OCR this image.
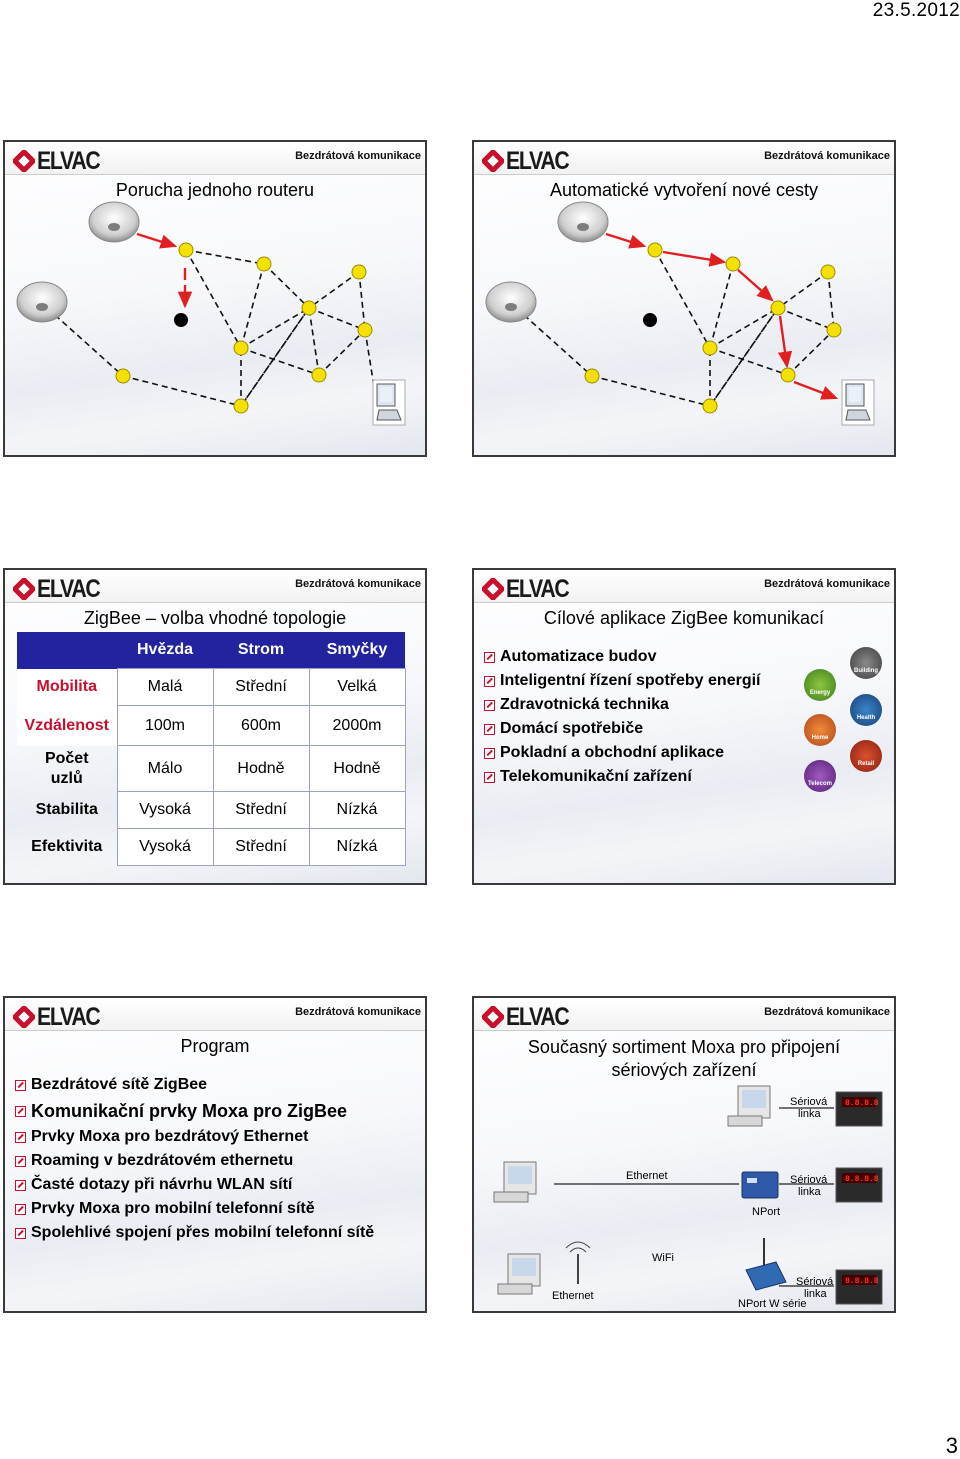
23.5.2012
ELVAC	Bezdrátová komunikace
Porucha jednoho routeru
ELVAC	Bezdrátová komunikace
Automatické vytvoření nové cesty
ELVAC	Bezdrátová komunikace
ZigBee – volba vhodné topologie
	Hvězda	Strom	Smyčky
Mobilita	Malá	Střední	Velká
Vzdálenost	100m	600m	2000m
Počet
uzlů	Málo	Hodně	Hodně
Stabilita	Vysoká	Střední	Nízká
Efektivita	Vysoká	Střední	Nízká
ELVAC	Bezdrátová komunikace
Cílové aplikace ZigBee komunikací
Automatizace budov
Inteligentní řízení spotřeby energií
Zdravotnická technika
Domácí spotřebiče
Pokladní a obchodní aplikace
Telekomunikační zařízení
Building
Energy
Health
Home
Retail
Telecom
ELVAC	Bezdrátová komunikace
Program
Bezdrátové sítě ZigBee
Komunikační prvky Moxa pro ZigBee
Prvky Moxa pro bezdrátový Ethernet
Roaming v bezdrátovém ethernetu
Časté dotazy při návrhu WLAN sítí
Prvky Moxa pro mobilní telefonní sítě
Spolehlivé spojení přes mobilní telefonní sítě
ELVAC	Bezdrátová komunikace
Současný sortiment Moxa pro připojení
sériových zařízení
8.8.8.8
8.8.8.8
8.8.8.8
Sériová
linka
Ethernet	Sériová
linka
NPort
WiFi
Ethernet
Sériová
linka
NPort W série
3
